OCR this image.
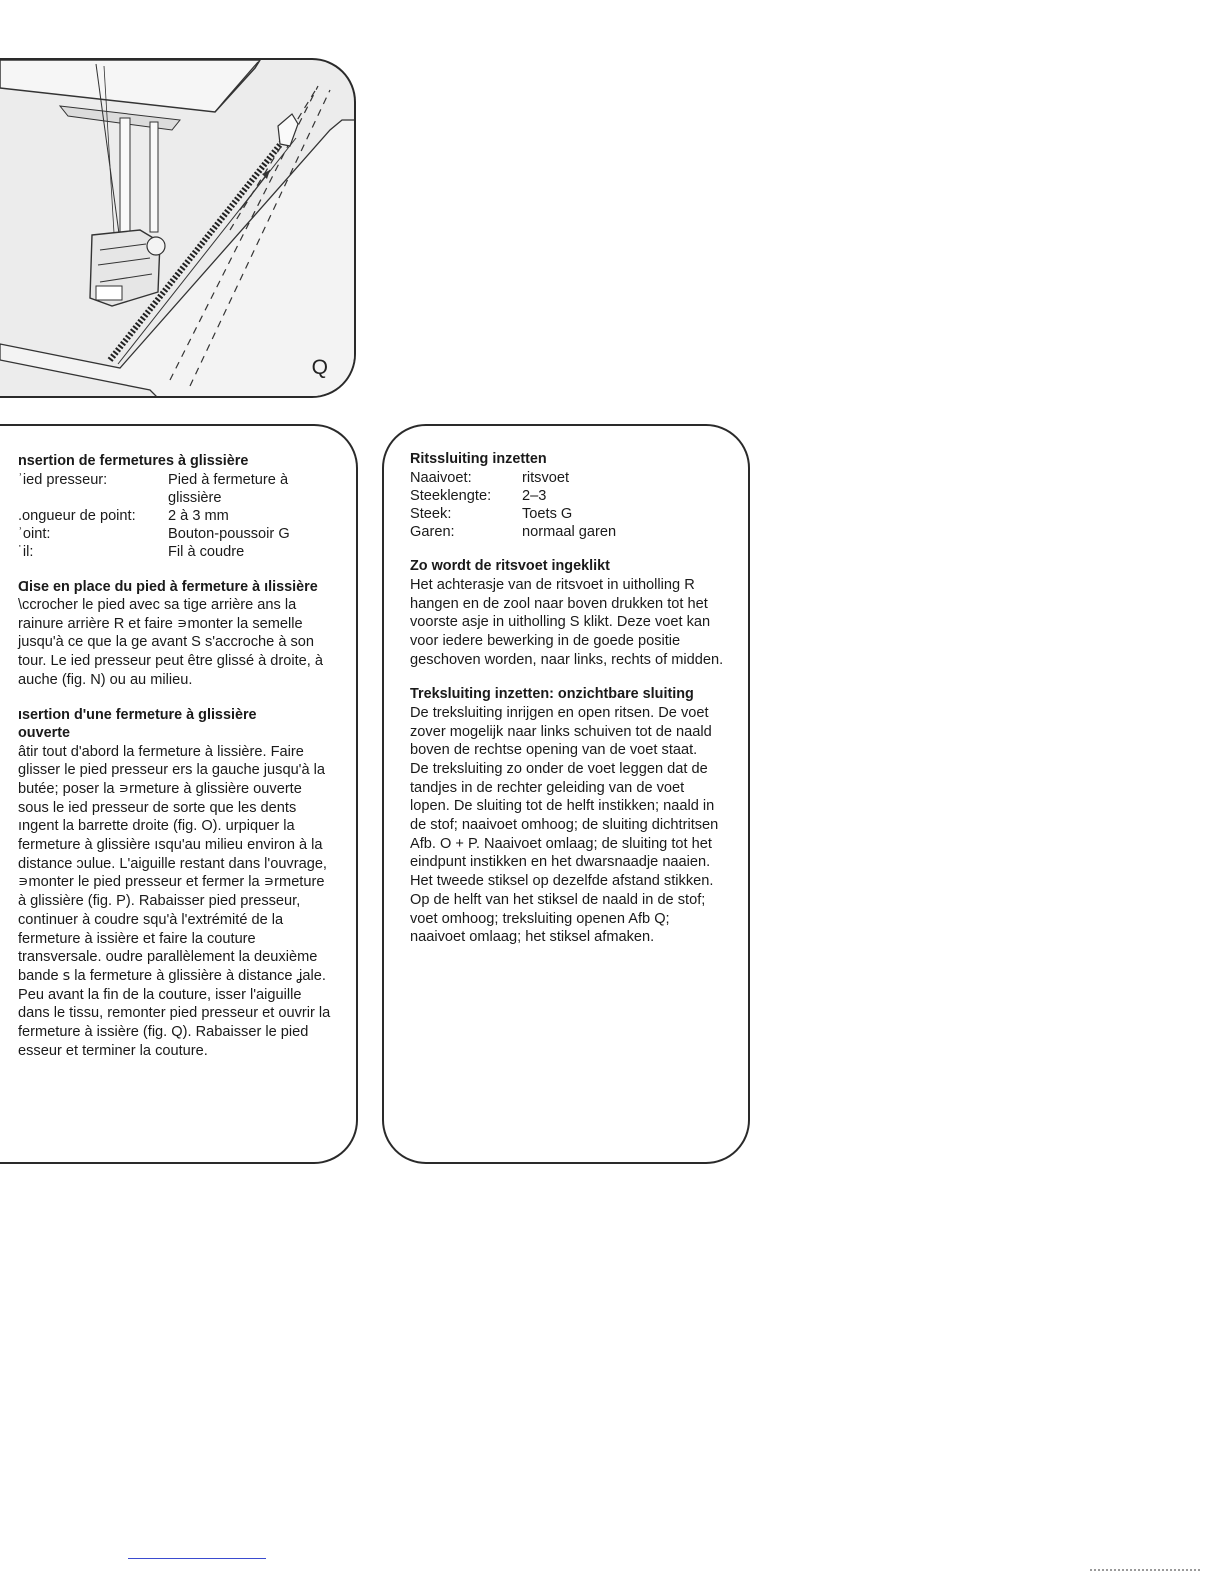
Q
nsertion de fermetures à glissière
ʾied presseur:	Pied à fermeture à glissière
.ongueur de point:	2 à 3 mm
ʾoint:	Bouton-poussoir G
˙il:	Fil à coudre
Ɑise en place du pied à fermeture à ılissière

\ccrocher le pied avec sa tige arrière ans la rainure arrière R et faire ∍monter la semelle jusqu'à ce que la ge avant S s'accroche à son tour. Le ied presseur peut être glissé à droite, à auche (fig. N) ou au milieu.

ısertion d'une fermeture à glissière ouverte

âtir tout d'abord la fermeture à lissière. Faire glisser le pied presseur ers la gauche jusqu'à la butée; poser la ∍rmeture à glissière ouverte sous le ied presseur de sorte que les dents ıngent la barrette droite (fig. O). urpiquer la fermeture à glissière ısqu'au milieu environ à la distance ɔulue. L'aiguille restant dans l'ouvrage, ∍monter le pied presseur et fermer la ∍rmeture à glissière (fig. P). Rabaisser pied presseur, continuer à coudre squ'à l'extrémité de la fermeture à issière et faire la couture transversale. oudre parallèlement la deuxième bande ꜱ la fermeture à glissière à distance ʝale. Peu avant la fin de la couture, isser l'aiguille dans le tissu, remonter pied presseur et ouvrir la fermeture à issière (fig. Q). Rabaisser le pied esseur et terminer la couture.

Ritssluiting inzetten
Naaivoet:	ritsvoet
Steeklengte:	2–3
Steek:	Toets G
Garen:	normaal garen
Zo wordt de ritsvoet ingeklikt

Het achterasje van de ritsvoet in uitholling R hangen en de zool naar boven drukken tot het voorste asje in uitholling S klikt. Deze voet kan voor iedere bewerking in de goede positie geschoven worden, naar links, rechts of midden.

Treksluiting inzetten: onzichtbare sluiting

De treksluiting inrijgen en open ritsen. De voet zover mogelijk naar links schuiven tot de naald boven de rechtse opening van de voet staat.

De treksluiting zo onder de voet leggen dat de tandjes in de rechter geleiding van de voet lopen. De sluiting tot de helft instikken; naald in de stof; naaivoet omhoog; de sluiting dichtritsen Afb. O + P. Naaivoet omlaag; de sluiting tot het eindpunt instikken en het dwarsnaadje naaien.

Het tweede stiksel op dezelfde afstand stikken. Op de helft van het stiksel de naald in de stof; voet omhoog; treksluiting openen Afb Q; naaivoet omlaag; het stiksel afmaken.
